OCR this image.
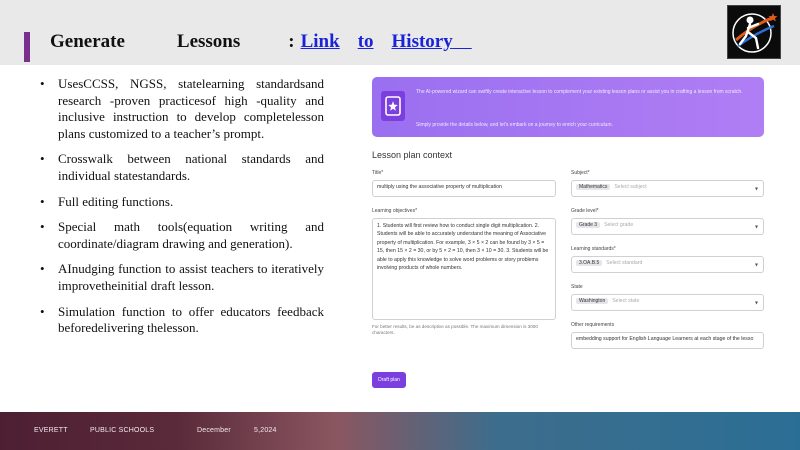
Generate	Lessons	: Link to History
• UsesCCSS, NGSS, statelearning standardsand research -proven practicesof high -quality and inclusive instruction to develop completelesson plans customized to a teacher’s prompt.
• Crosswalk between national standards and individual statestandards.
• Full editing functions.
• Special math tools(equation writing and coordinate/diagram drawing and generation).
• AInudging function to assist teachers to iteratively improvetheinitial draft lesson.
• Simulation function to offer educators feedback beforedelivering thelesson.
The AI-powered wizard can swiftly create interactive lesson to complement your existing lesson plans or assist you in crafting a lesson from scratch.
Simply provide the details below, and let's embark on a journey to enrich your curriculum.
Lesson plan context
Title*
multiply using the associative property of multiplication
Learning objectives*
1. Students will first review how to conduct single digit multiplication. 2. Students will be able to accurately understand the meaning of Associative property of multiplication. For example, 3 × 5 × 2 can be found by 3 × 5 = 15, then 15 × 2 = 30, or by 5 × 2 = 10, then 3 × 10 = 30. 3. Students will be able to apply this knowledge to solve word problems or story problems involving products of whole numbers.
For better results, be as descriptive as possible. The maximum dimension is 3000 characters.
Subject*
Mathematics Select subject	▾
Grade level*
Grade 3 Select grade	▾
Learning standards*
3.OA.B.5 Select standard	▾
State
Washington Select state	▾
Other requirements
embedding support for English Language Learners at each stage of the lesso
Draft plan
EVERETT	PUBLIC SCHOOLS	December	5,2024
